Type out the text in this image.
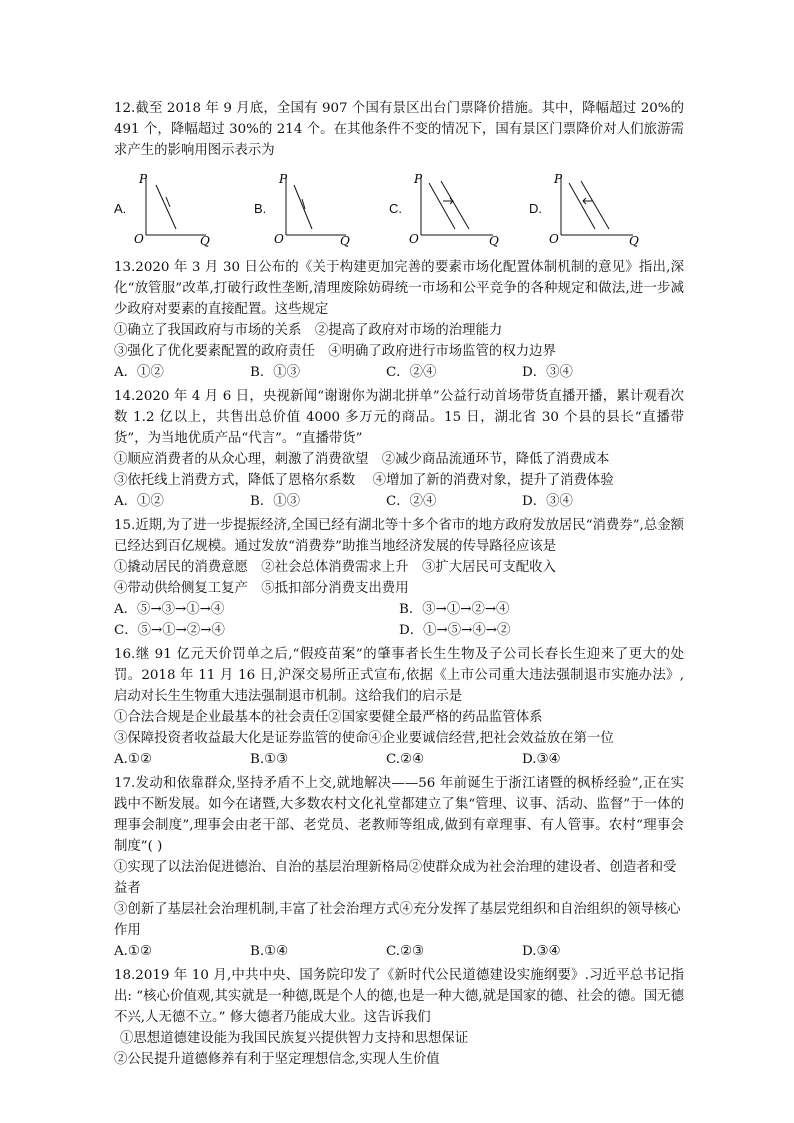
12.截至 2018 年 9 月底，全国有 907 个国有景区出台门票降价措施。其中，降幅超过 20%的 491 个，降幅超过 30%的 214 个。在其他条件不变的情况下，国有景区门票降价对人们旅游需求产生的影响用图示表示为

A.
P
O	Q
B.
P
O	Q
C.
P
O	Q
D.
P
O	Q

13.2020 年 3 月 30 日公布的《关于构建更加完善的要素市场化配置体制机制的意见》指出,深化“放管服”改革,打破行政性垄断,清理废除妨碍统一市场和公平竞争的各种规定和做法,进一步减少政府对要素的直接配置。这些规定

①确立了我国政府与市场的关系　②提高了政府对市场的治理能力

③强化了优化要素配置的政府责任　④明确了政府进行市场监管的权力边界

A．①②	B．①③	C．②④	D．③④

14.2020 年 4 月 6 日，央视新闻“谢谢你为湖北拼单”公益行动首场带货直播开播，累计观看次数 1.2 亿以上，共售出总价值 4000 多万元的商品。15 日，湖北省 30 个县的县长“直播带货”，为当地优质产品“代言”。“直播带货”

①顺应消费者的从众心理，刺激了消费欲望　②减少商品流通环节，降低了消费成本

③依托线上消费方式，降低了恩格尔系数　 ④增加了新的消费对象，提升了消费体验

A．①②	B．①③	C．②④	D．③④

15.近期,为了进一步提振经济,全国已经有湖北等十多个省市的地方政府发放居民“消费券”,总金额已经达到百亿规模。通过发放“消费券”助推当地经济发展的传导路径应该是

①撬动居民的消费意愿　②社会总体消费需求上升　③扩大居民可支配收入

④带动供给侧复工复产　⑤抵扣部分消费支出费用

A．⑤→③→①→④	B．③→①→②→④
C．⑤→①→②→④	D．①→⑤→④→②

16.继 91 亿元天价罚单之后,“假疫苗案”的肇事者长生生物及子公司长春长生迎来了更大的处罚。2018 年 11 月 16 日,沪深交易所正式宣布,依据《上市公司重大违法强制退市实施办法》,启动对长生生物重大违法强制退市机制。这给我们的启示是

①合法合规是企业最基本的社会责任②国家要健全最严格的药品监管体系

③保障投资者收益最大化是证券监管的使命④企业要诚信经营,把社会效益放在第一位

A.①②	B.①③	C.②④	D.③④

17.发动和依靠群众,坚持矛盾不上交,就地解决——56 年前诞生于浙江诸暨的枫桥经验”,正在实践中不断发展。如今在诸暨,大多数农村文化礼堂都建立了集“管理、议事、活动、监督”于一体的理事会制度”,理事会由老干部、老党员、老教师等组成,做到有章理事、有人管事。农村“理事会制度”( )

①实现了以法治促进德治、自治的基层治理新格局②使群众成为社会治理的建设者、创造者和受益者

③创新了基层社会治理机制,丰富了社会治理方式④充分发挥了基层党组织和自治组织的领导核心作用

A.①②	B.①④	C.②③	D.③④

18.2019 年 10 月,中共中央、国务院印发了《新时代公民道德建设实施纲要》.习近平总书记指出: “核心价值观,其实就是一种德,既是个人的德,也是一种大德,就是国家的德、社会的德。国无德不兴,人无德不立。” 修大德者乃能成大业。这告诉我们

①思想道德建设能为我国民族复兴提供智力支持和思想保证

②公民提升道德修养有利于坚定理想信念,实现人生价值
